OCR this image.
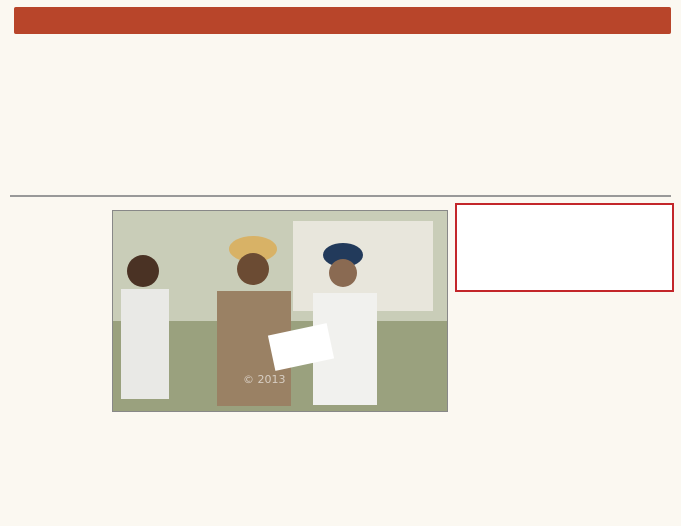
© 2013
